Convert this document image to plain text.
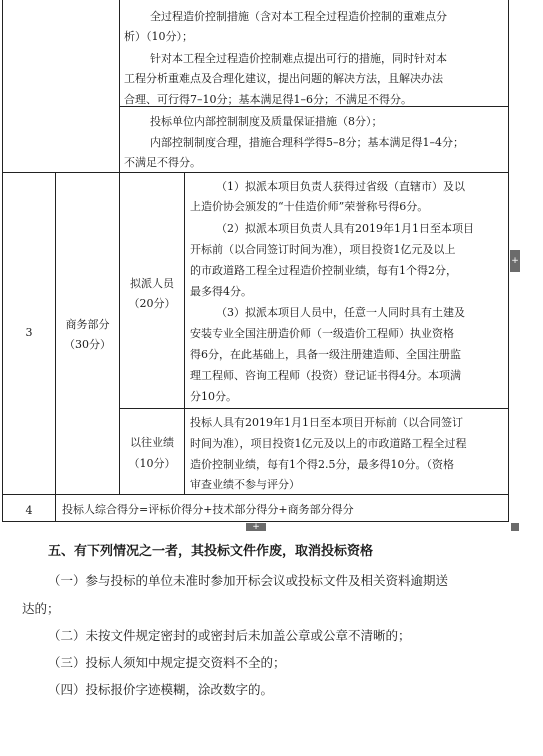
全过程造价控制措施（含对本工程全过程造价控制的重难点分
析）（10分）；
针对本工程全过程造价控制难点提出可行的措施，同时针对本
工程分析重难点及合理化建议，提出问题的解决方法，且解决办法
合理、可行得7–10分；基本满足得1–6分；不满足不得分。
投标单位内部控制制度及质量保证措施（8分）；
内部控制制度合理，措施合理科学得5–8分；基本满足得1–4分；
不满足不得分。
3
商务部分
（30分）
拟派人员
（20分）
（1）拟派本项目负责人获得过省级（直辖市）及以
上造价协会颁发的“十佳造价师”荣誉称号得6分。
（2）拟派本项目负责人具有2019年1月1日至本项目
开标前（以合同签订时间为准），项目投资1亿元及以上
的市政道路工程全过程造价控制业绩，每有1个得2分，
最多得4分。
（3）拟派本项目人员中，任意一人同时具有土建及
安装专业全国注册造价师（一级造价工程师）执业资格
得6分，在此基础上，具备一级注册建造师、全国注册监
理工程师、咨询工程师（投资）登记证书得4分。本项满
分10分。
以往业绩
（10分）
投标人具有2019年1月1日至本项目开标前（以合同签订
时间为准），项目投资1亿元及以上的市政道路工程全过程
造价控制业绩，每有1个得2.5分，最多得10分。（资格
审查业绩不参与评分）
4	投标人综合得分=评标价得分+技术部分得分+商务部分得分
+
+
五、有下列情况之一者，其投标文件作废，取消投标资格
（一）参与投标的单位未准时参加开标会议或投标文件及相关资料逾期送
达的；
（二）未按文件规定密封的或密封后未加盖公章或公章不清晰的；
（三）投标人须知中规定提交资料不全的；
（四）投标报价字迹模糊，涂改数字的。
